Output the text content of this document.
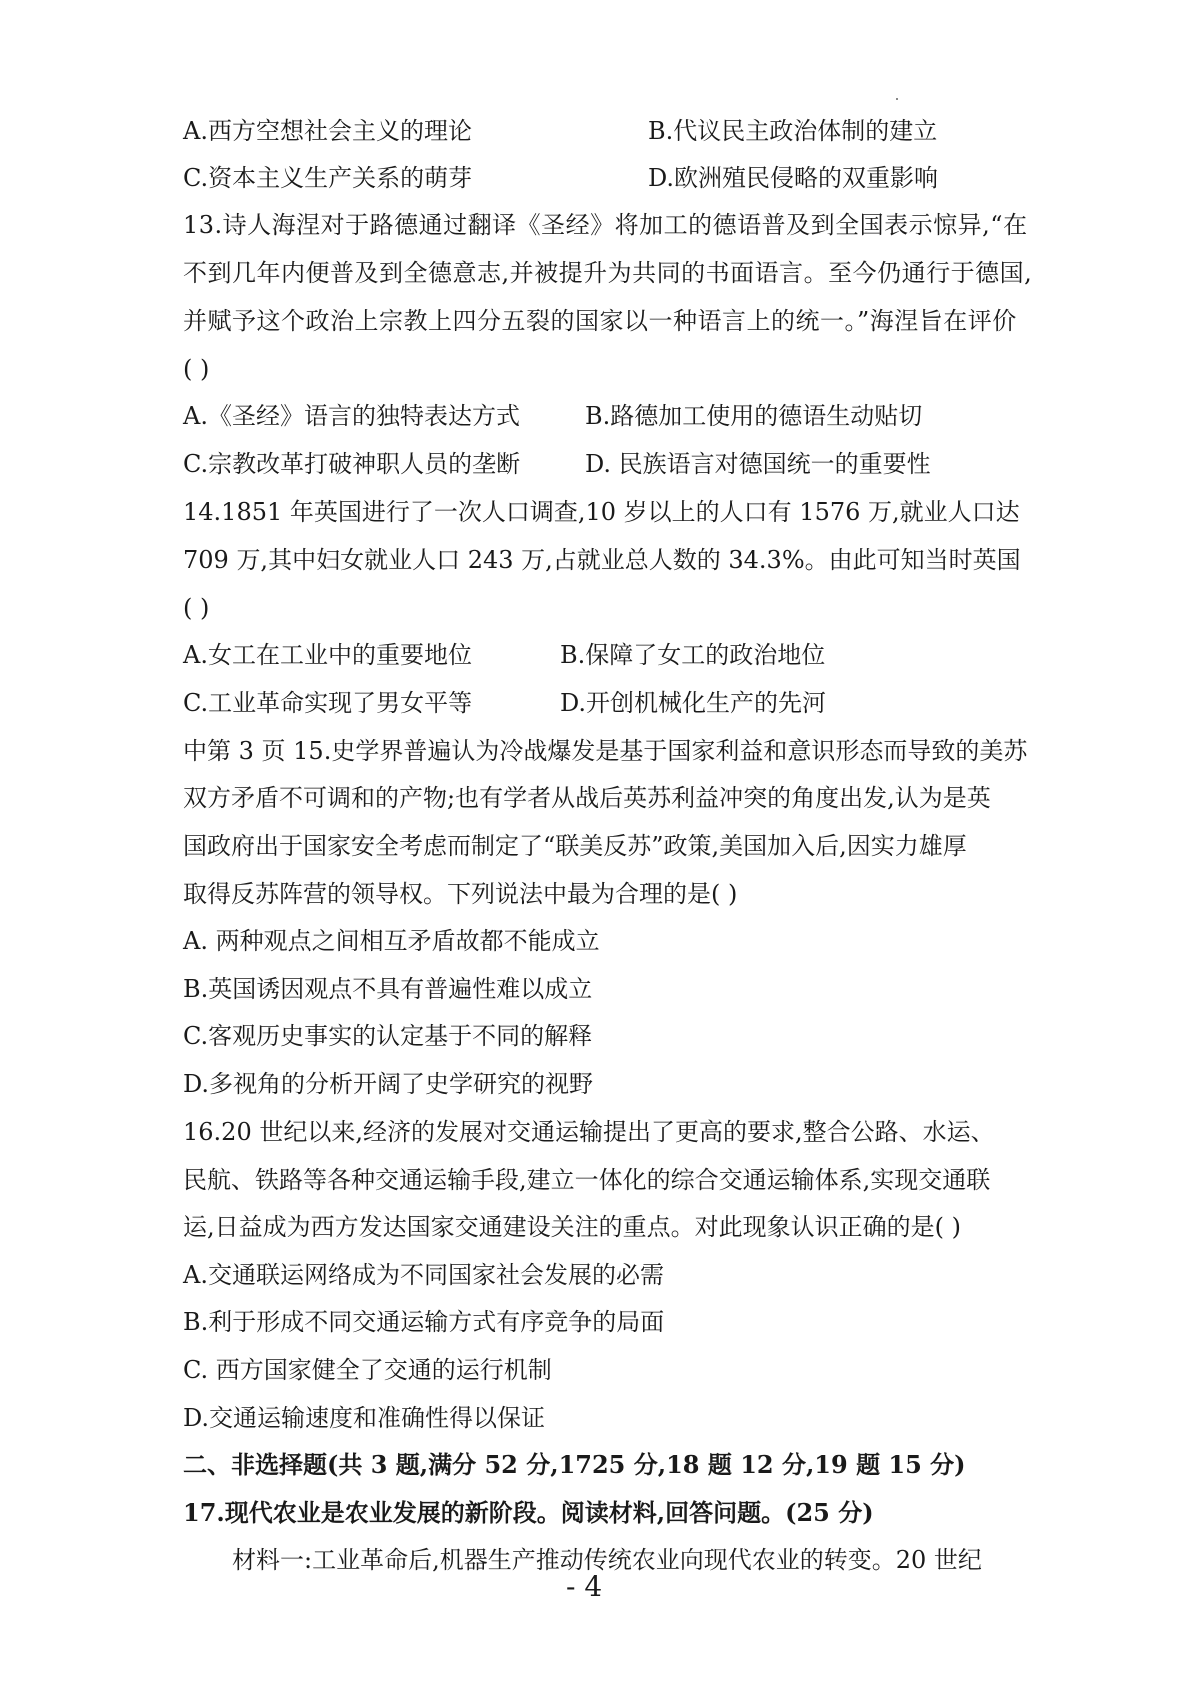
A.西方空想社会主义的理论	B.代议民主政治体制的建立
C.资本主义生产关系的萌芽	D.欧洲殖民侵略的双重影响
13.诗人海涅对于路德通过翻译《圣经》将加工的德语普及到全国表示惊异,“在
不到几年内便普及到全德意志,并被提升为共同的书面语言。至今仍通行于德国,
并赋予这个政治上宗教上四分五裂的国家以一种语言上的统一。”海涅旨在评价
( )
A.《圣经》语言的独特表达方式	B.路德加工使用的德语生动贴切
C.宗教改革打破神职人员的垄断	D. 民族语言对德国统一的重要性
14.1851 年英国进行了一次人口调查,10 岁以上的人口有 1576 万,就业人口达
709 万,其中妇女就业人口 243 万,占就业总人数的 34.3%。由此可知当时英国
( )
A.女工在工业中的重要地位	B.保障了女工的政治地位
C.工业革命实现了男女平等	D.开创机械化生产的先河
中第 3 页 15.史学界普遍认为冷战爆发是基于国家利益和意识形态而导致的美苏
双方矛盾不可调和的产物;也有学者从战后英苏利益冲突的角度出发,认为是英
国政府出于国家安全考虑而制定了“联美反苏”政策,美国加入后,因实力雄厚
取得反苏阵营的领导权。下列说法中最为合理的是( )
A. 两种观点之间相互矛盾故都不能成立
B.英国诱因观点不具有普遍性难以成立
C.客观历史事实的认定基于不同的解释
D.多视角的分析开阔了史学研究的视野
16.20 世纪以来,经济的发展对交通运输提出了更高的要求,整合公路、水运、
民航、铁路等各种交通运输手段,建立一体化的综合交通运输体系,实现交通联
运,日益成为西方发达国家交通建设关注的重点。对此现象认识正确的是( )
A.交通联运网络成为不同国家社会发展的必需
B.利于形成不同交通运输方式有序竞争的局面
C. 西方国家健全了交通的运行机制
D.交通运输速度和准确性得以保证
二、非选择题(共 3 题,满分 52 分,1725 分,18 题 12 分,19 题 15 分)
17.现代农业是农业发展的新阶段。阅读材料,回答问题。(25 分)
材料一:工业革命后,机器生产推动传统农业向现代农业的转变。20 世纪
- 4
